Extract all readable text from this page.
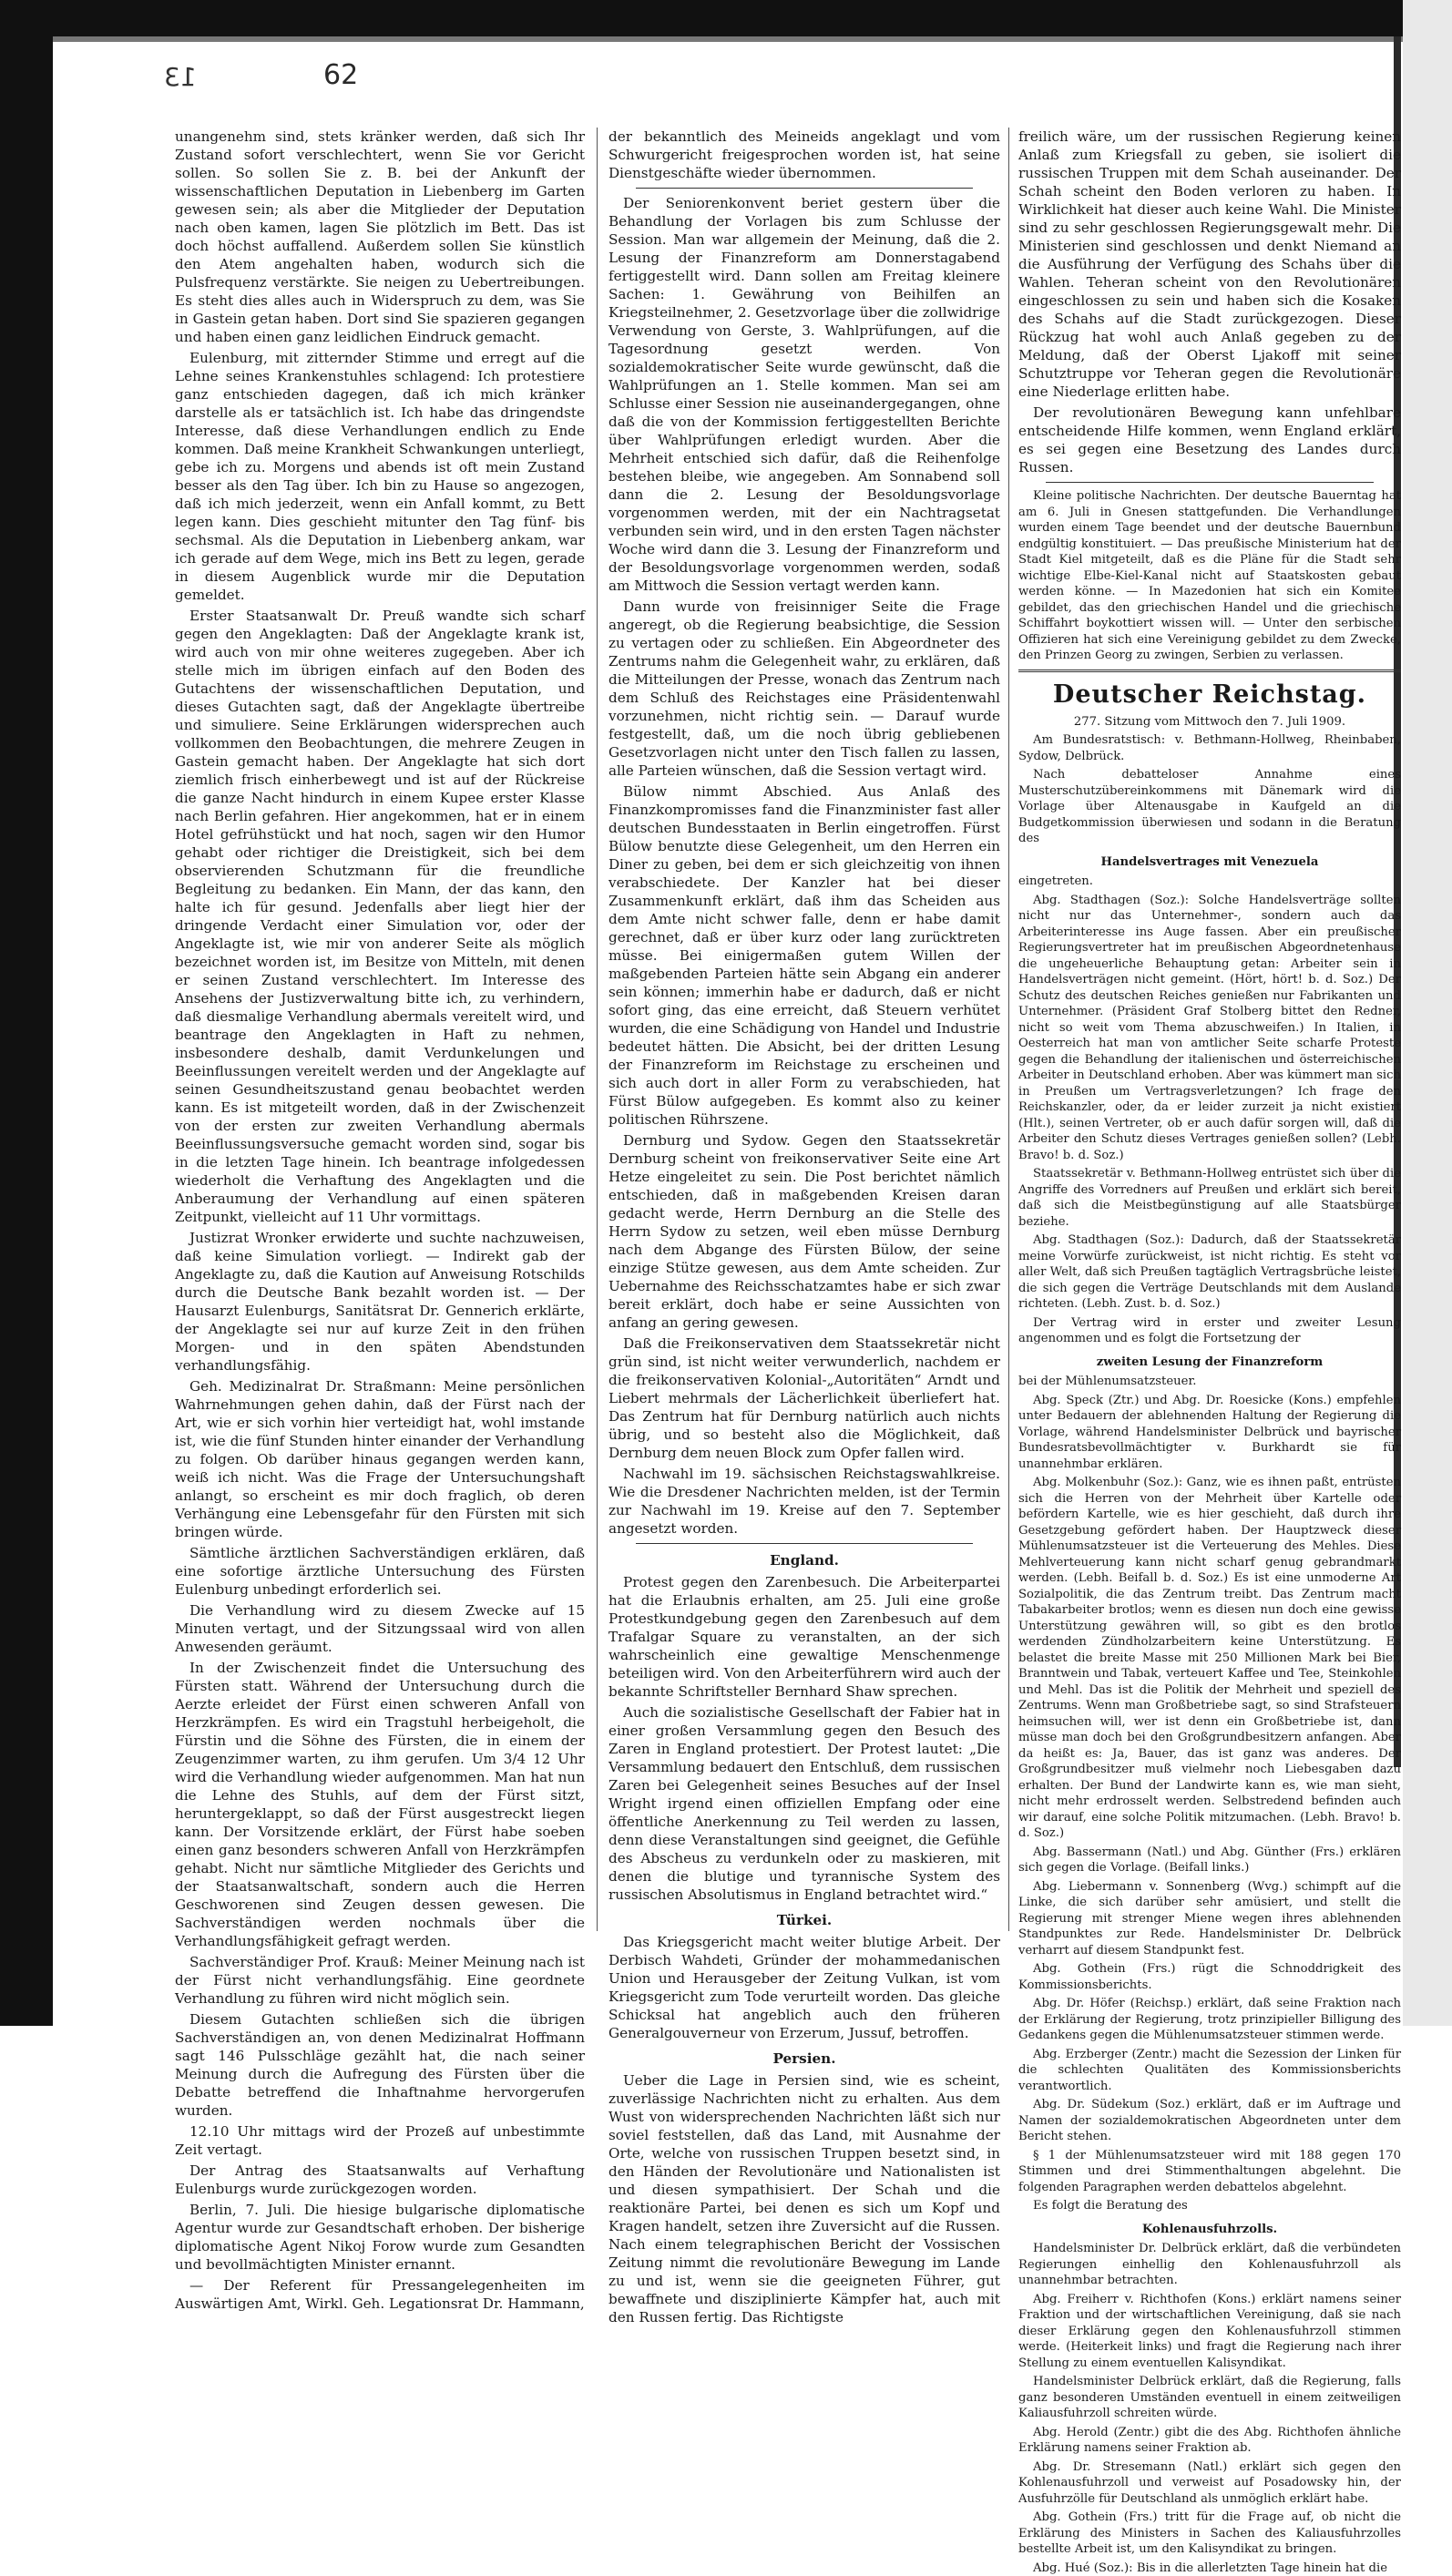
13	62

unangenehm sind, stets kränker werden, daß sich Ihr Zustand sofort verschlechtert, wenn Sie vor Gericht sollen. So sollen Sie z. B. bei der Ankunft der wissenschaftlichen Deputation in Liebenberg im Garten gewesen sein; als aber die Mitglieder der Deputation nach oben kamen, lagen Sie plötzlich im Bett. Das ist doch höchst auffallend. Außerdem sollen Sie künstlich den Atem angehalten haben, wodurch sich die Pulsfrequenz verstärkte. Sie neigen zu Uebertreibungen. Es steht dies alles auch in Widerspruch zu dem, was Sie in Gastein getan haben. Dort sind Sie spazieren gegangen und haben einen ganz leidlichen Eindruck gemacht.

Eulenburg, mit zitternder Stimme und erregt auf die Lehne seines Krankenstuhles schlagend: Ich protestiere ganz entschieden dagegen, daß ich mich kränker darstelle als er tatsächlich ist. Ich habe das dringendste Interesse, daß diese Verhandlungen endlich zu Ende kommen. Daß meine Krankheit Schwankungen unterliegt, gebe ich zu. Morgens und abends ist oft mein Zustand besser als den Tag über. Ich bin zu Hause so angezogen, daß ich mich jederzeit, wenn ein Anfall kommt, zu Bett legen kann. Dies geschieht mitunter den Tag fünf- bis sechsmal. Als die Deputation in Liebenberg ankam, war ich gerade auf dem Wege, mich ins Bett zu legen, gerade in diesem Augenblick wurde mir die Deputation gemeldet.

Erster Staatsanwalt Dr. Preuß wandte sich scharf gegen den Angeklagten: Daß der Angeklagte krank ist, wird auch von mir ohne weiteres zugegeben. Aber ich stelle mich im übrigen einfach auf den Boden des Gutachtens der wissenschaftlichen Deputation, und dieses Gutachten sagt, daß der Angeklagte übertreibe und simuliere. Seine Erklärungen widersprechen auch vollkommen den Beobachtungen, die mehrere Zeugen in Gastein gemacht haben. Der Angeklagte hat sich dort ziemlich frisch einherbewegt und ist auf der Rückreise die ganze Nacht hindurch in einem Kupee erster Klasse nach Berlin gefahren. Hier angekommen, hat er in einem Hotel gefrühstückt und hat noch, sagen wir den Humor gehabt oder richtiger die Dreistigkeit, sich bei dem observierenden Schutzmann für die freundliche Begleitung zu bedanken. Ein Mann, der das kann, den halte ich für gesund. Jedenfalls aber liegt hier der dringende Verdacht einer Simulation vor, oder der Angeklagte ist, wie mir von anderer Seite als möglich bezeichnet worden ist, im Besitze von Mitteln, mit denen er seinen Zustand verschlechtert. Im Interesse des Ansehens der Justizverwaltung bitte ich, zu verhindern, daß diesmalige Verhandlung abermals vereitelt wird, und beantrage den Angeklagten in Haft zu nehmen, insbesondere deshalb, damit Verdunkelungen und Beeinflussungen vereitelt werden und der Angeklagte auf seinen Gesundheitszustand genau beobachtet werden kann. Es ist mitgeteilt worden, daß in der Zwischenzeit von der ersten zur zweiten Verhandlung abermals Beeinflussungsversuche gemacht worden sind, sogar bis in die letzten Tage hinein. Ich beantrage infolgedessen wiederholt die Verhaftung des Angeklagten und die Anberaumung der Verhandlung auf einen späteren Zeitpunkt, vielleicht auf 11 Uhr vormittags.

Justizrat Wronker erwiderte und suchte nachzuweisen, daß keine Simulation vorliegt. — Indirekt gab der Angeklagte zu, daß die Kaution auf Anweisung Rotschilds durch die Deutsche Bank bezahlt worden ist. — Der Hausarzt Eulenburgs, Sanitätsrat Dr. Gennerich erklärte, der Angeklagte sei nur auf kurze Zeit in den frühen Morgen- und in den späten Abendstunden verhandlungsfähig.

Geh. Medizinalrat Dr. Straßmann: Meine persönlichen Wahrnehmungen gehen dahin, daß der Fürst nach der Art, wie er sich vorhin hier verteidigt hat, wohl imstande ist, wie die fünf Stunden hinter einander der Verhandlung zu folgen. Ob darüber hinaus gegangen werden kann, weiß ich nicht. Was die Frage der Untersuchungshaft anlangt, so erscheint es mir doch fraglich, ob deren Verhängung eine Lebensgefahr für den Fürsten mit sich bringen würde.

Sämtliche ärztlichen Sachverständigen erklären, daß eine sofortige ärztliche Untersuchung des Fürsten Eulenburg unbedingt erforderlich sei.

Die Verhandlung wird zu diesem Zwecke auf 15 Minuten vertagt, und der Sitzungssaal wird von allen Anwesenden geräumt.

In der Zwischenzeit findet die Untersuchung des Fürsten statt. Während der Untersuchung durch die Aerzte erleidet der Fürst einen schweren Anfall von Herzkrämpfen. Es wird ein Tragstuhl herbeigeholt, die Fürstin und die Söhne des Fürsten, die in einem der Zeugenzimmer warten, zu ihm gerufen. Um 3/4 12 Uhr wird die Verhandlung wieder aufgenommen. Man hat nun die Lehne des Stuhls, auf dem der Fürst sitzt, heruntergeklappt, so daß der Fürst ausgestreckt liegen kann. Der Vorsitzende erklärt, der Fürst habe soeben einen ganz besonders schweren Anfall von Herzkrämpfen gehabt. Nicht nur sämtliche Mitglieder des Gerichts und der Staatsanwaltschaft, sondern auch die Herren Geschworenen sind Zeugen dessen gewesen. Die Sachverständigen werden nochmals über die Verhandlungsfähigkeit gefragt werden.

Sachverständiger Prof. Krauß: Meiner Meinung nach ist der Fürst nicht verhandlungsfähig. Eine geordnete Verhandlung zu führen wird nicht möglich sein.

Diesem Gutachten schließen sich die übrigen Sachverständigen an, von denen Medizinalrat Hoffmann sagt 146 Pulsschläge gezählt hat, die nach seiner Meinung durch die Aufregung des Fürsten über die Debatte betreffend die Inhaftnahme hervorgerufen wurden.

12.10 Uhr mittags wird der Prozeß auf unbestimmte Zeit vertagt.

Der Antrag des Staatsanwalts auf Verhaftung Eulenburgs wurde zurückgezogen worden.

Berlin, 7. Juli. Die hiesige bulgarische diplomatische Agentur wurde zur Gesandtschaft erhoben. Der bisherige diplomatische Agent Nikoj Forow wurde zum Gesandten und bevollmächtigten Minister ernannt.

— Der Referent für Pressangelegenheiten im Auswärtigen Amt, Wirkl. Geh. Legationsrat Dr. Hammann,

der bekanntlich des Meineids angeklagt und vom Schwurgericht freigesprochen worden ist, hat seine Dienstgeschäfte wieder übernommen.

Der Seniorenkonvent beriet gestern über die Behandlung der Vorlagen bis zum Schlusse der Session. Man war allgemein der Meinung, daß die 2. Lesung der Finanzreform am Donnerstagabend fertiggestellt wird. Dann sollen am Freitag kleinere Sachen: 1. Gewährung von Beihilfen an Kriegsteilnehmer, 2. Gesetzvorlage über die zollwidrige Verwendung von Gerste, 3. Wahlprüfungen, auf die Tagesordnung gesetzt werden. Von sozialdemokratischer Seite wurde gewünscht, daß die Wahlprüfungen an 1. Stelle kommen. Man sei am Schlusse einer Session nie auseinandergegangen, ohne daß die von der Kommission fertiggestellten Berichte über Wahlprüfungen erledigt wurden. Aber die Mehrheit entschied sich dafür, daß die Reihenfolge bestehen bleibe, wie angegeben. Am Sonnabend soll dann die 2. Lesung der Besoldungsvorlage vorgenommen werden, mit der ein Nachtragsetat verbunden sein wird, und in den ersten Tagen nächster Woche wird dann die 3. Lesung der Finanzreform und der Besoldungsvorlage vorgenommen werden, sodaß am Mittwoch die Session vertagt werden kann.

Dann wurde von freisinniger Seite die Frage angeregt, ob die Regierung beabsichtige, die Session zu vertagen oder zu schließen. Ein Abgeordneter des Zentrums nahm die Gelegenheit wahr, zu erklären, daß die Mitteilungen der Presse, wonach das Zentrum nach dem Schluß des Reichstages eine Präsidentenwahl vorzunehmen, nicht richtig sein. — Darauf wurde festgestellt, daß, um die noch übrig gebliebenen Gesetzvorlagen nicht unter den Tisch fallen zu lassen, alle Parteien wünschen, daß die Session vertagt wird.

Bülow nimmt Abschied. Aus Anlaß des Finanzkompromisses fand die Finanzminister fast aller deutschen Bundesstaaten in Berlin eingetroffen. Fürst Bülow benutzte diese Gelegenheit, um den Herren ein Diner zu geben, bei dem er sich gleichzeitig von ihnen verabschiedete. Der Kanzler hat bei dieser Zusammenkunft erklärt, daß ihm das Scheiden aus dem Amte nicht schwer falle, denn er habe damit gerechnet, daß er über kurz oder lang zurücktreten müsse. Bei einigermaßen gutem Willen der maßgebenden Parteien hätte sein Abgang ein anderer sein können; immerhin habe er dadurch, daß er nicht sofort ging, das eine erreicht, daß Steuern verhütet wurden, die eine Schädigung von Handel und Industrie bedeutet hätten. Die Absicht, bei der dritten Lesung der Finanzreform im Reichstage zu erscheinen und sich auch dort in aller Form zu verabschieden, hat Fürst Bülow aufgegeben. Es kommt also zu keiner politischen Rührszene.

Dernburg und Sydow. Gegen den Staatssekretär Dernburg scheint von freikonservativer Seite eine Art Hetze eingeleitet zu sein. Die Post berichtet nämlich entschieden, daß in maßgebenden Kreisen daran gedacht werde, Herrn Dernburg an die Stelle des Herrn Sydow zu setzen, weil eben müsse Dernburg nach dem Abgange des Fürsten Bülow, der seine einzige Stütze gewesen, aus dem Amte scheiden. Zur Uebernahme des Reichsschatzamtes habe er sich zwar bereit erklärt, doch habe er seine Aussichten von anfang an gering gewesen.

Daß die Freikonservativen dem Staatssekretär nicht grün sind, ist nicht weiter verwunderlich, nachdem er die freikonservativen Kolonial-„Autoritäten“ Arndt und Liebert mehrmals der Lächerlichkeit überliefert hat. Das Zentrum hat für Dernburg natürlich auch nichts übrig, und so besteht also die Möglichkeit, daß Dernburg dem neuen Block zum Opfer fallen wird.

Nachwahl im 19. sächsischen Reichstagswahlkreise. Wie die Dresdener Nachrichten melden, ist der Termin zur Nachwahl im 19. Kreise auf den 7. September angesetzt worden.

England.

Protest gegen den Zarenbesuch. Die Arbeiterpartei hat die Erlaubnis erhalten, am 25. Juli eine große Protestkundgebung gegen den Zarenbesuch auf dem Trafalgar Square zu veranstalten, an der sich wahrscheinlich eine gewaltige Menschenmenge beteiligen wird. Von den Arbeiterführern wird auch der bekannte Schriftsteller Bernhard Shaw sprechen.

Auch die sozialistische Gesellschaft der Fabier hat in einer großen Versammlung gegen den Besuch des Zaren in England protestiert. Der Protest lautet: „Die Versammlung bedauert den Entschluß, dem russischen Zaren bei Gelegenheit seines Besuches auf der Insel Wright irgend einen offiziellen Empfang oder eine öffentliche Anerkennung zu Teil werden zu lassen, denn diese Veranstaltungen sind geeignet, die Gefühle des Abscheus zu verdunkeln oder zu maskieren, mit denen die blutige und tyrannische System des russischen Absolutismus in England betrachtet wird.“

Türkei.

Das Kriegsgericht macht weiter blutige Arbeit. Der Derbisch Wahdeti, Gründer der mohammedanischen Union und Herausgeber der Zeitung Vulkan, ist vom Kriegsgericht zum Tode verurteilt worden. Das gleiche Schicksal hat angeblich auch den früheren Generalgouverneur von Erzerum, Jussuf, betroffen.

Persien.

Ueber die Lage in Persien sind, wie es scheint, zuverlässige Nachrichten nicht zu erhalten. Aus dem Wust von widersprechenden Nachrichten läßt sich nur soviel feststellen, daß das Land, mit Ausnahme der Orte, welche von russischen Truppen besetzt sind, in den Händen der Revolutionäre und Nationalisten ist und diesen sympathisiert. Der Schah und die reaktionäre Partei, bei denen es sich um Kopf und Kragen handelt, setzen ihre Zuversicht auf die Russen. Nach einem telegraphischen Bericht der Vossischen Zeitung nimmt die revolutionäre Bewegung im Lande zu und ist, wenn sie die geeigneten Führer, gut bewaffnete und disziplinierte Kämpfer hat, auch mit den Russen fertig. Das Richtigste

freilich wäre, um der russischen Regierung keinen Anlaß zum Kriegsfall zu geben, sie isoliert die russischen Truppen mit dem Schah auseinander. Der Schah scheint den Boden verloren zu haben. In Wirklichkeit hat dieser auch keine Wahl. Die Minister sind zu sehr geschlossen Regierungsgewalt mehr. Die Ministerien sind geschlossen und denkt Niemand an die Ausführung der Verfügung des Schahs über die Wahlen. Teheran scheint von den Revolutionären eingeschlossen zu sein und haben sich die Kosaken des Schahs auf die Stadt zurückgezogen. Dieser Rückzug hat wohl auch Anlaß gegeben zu der Meldung, daß der Oberst Ljakoff mit seiner Schutztruppe vor Teheran gegen die Revolutionäre eine Niederlage erlitten habe.

Der revolutionären Bewegung kann unfehlbare entscheidende Hilfe kommen, wenn England erklärt, es sei gegen eine Besetzung des Landes durch Russen.

Kleine politische Nachrichten. Der deutsche Bauerntag hat am 6. Juli in Gnesen stattgefunden. Die Verhandlungen wurden einem Tage beendet und der deutsche Bauernbund endgültig konstituiert. — Das preußische Ministerium hat der Stadt Kiel mitgeteilt, daß es die Pläne für die Stadt sehr wichtige Elbe-Kiel-Kanal nicht auf Staatskosten gebaut werden könne. — In Mazedonien hat sich ein Komitee gebildet, das den griechischen Handel und die griechische Schiffahrt boykottiert wissen will. — Unter den serbischen Offizieren hat sich eine Vereinigung gebildet zu dem Zwecke, den Prinzen Georg zu zwingen, Serbien zu verlassen.

Deutscher Reichstag.

277. Sitzung vom Mittwoch den 7. Juli 1909.

Am Bundesratstisch: v. Bethmann-Hollweg, Rheinbaben, Sydow, Delbrück.

Nach debatteloser Annahme eines Musterschutzübereinkommens mit Dänemark wird die Vorlage über Altenausgabe in Kaufgeld an die Budgetkommission überwiesen und sodann in die Beratung des

Handelsvertrages mit Venezuela

eingetreten.

Abg. Stadthagen (Soz.): Solche Handelsverträge sollten nicht nur das Unternehmer-, sondern auch das Arbeiterinteresse ins Auge fassen. Aber ein preußischer Regierungsvertreter hat im preußischen Abgeordnetenhause die ungeheuerliche Behauptung getan: Arbeiter sein in Handelsverträgen nicht gemeint. (Hört, hört! b. d. Soz.) Der Schutz des deutschen Reiches genießen nur Fabrikanten und Unternehmer. (Präsident Graf Stolberg bittet den Redner, nicht so weit vom Thema abzuschweifen.) In Italien, in Oesterreich hat man von amtlicher Seite scharfe Proteste gegen die Behandlung der italienischen und österreichischen Arbeiter in Deutschland erhoben. Aber was kümmert man sich in Preußen um Vertragsverletzungen? Ich frage den Reichskanzler, oder, da er leider zurzeit ja nicht existiert (Hlt.), seinen Vertreter, ob er auch dafür sorgen will, daß die Arbeiter den Schutz dieses Vertrages genießen sollen? (Lebh. Bravo! b. d. Soz.)

Staatssekretär v. Bethmann-Hollweg entrüstet sich über die Angriffe des Vorredners auf Preußen und erklärt sich bereit, daß sich die Meistbegünstigung auf alle Staatsbürger beziehe.

Abg. Stadthagen (Soz.): Dadurch, daß der Staatssekretär meine Vorwürfe zurückweist, ist nicht richtig. Es steht vor aller Welt, daß sich Preußen tagtäglich Vertragsbrüche leistet, die sich gegen die Verträge Deutschlands mit dem Auslande richteten. (Lebh. Zust. b. d. Soz.)

Der Vertrag wird in erster und zweiter Lesung angenommen und es folgt die Fortsetzung der

zweiten Lesung der Finanzreform

bei der Mühlenumsatzsteuer.

Abg. Speck (Ztr.) und Abg. Dr. Roesicke (Kons.) empfehlen unter Bedauern der ablehnenden Haltung der Regierung die Vorlage, während Handelsminister Delbrück und bayrischer Bundesratsbevollmächtigter v. Burkhardt sie für unannehmbar erklären.

Abg. Molkenbuhr (Soz.): Ganz, wie es ihnen paßt, entrüsten sich die Herren von der Mehrheit über Kartelle oder befördern Kartelle, wie es hier geschieht, daß durch ihre Gesetzgebung gefördert haben. Der Hauptzweck dieser Mühlenumsatzsteuer ist die Verteuerung des Mehles. Diese Mehlverteuerung kann nicht scharf genug gebrandmarkt werden. (Lebh. Beifall b. d. Soz.) Es ist eine unmoderne Art Sozialpolitik, die das Zentrum treibt. Das Zentrum macht Tabakarbeiter brotlos; wenn es diesen nun doch eine gewisse Unterstützung gewähren will, so gibt es den brotlos werdenden Zündholzarbeitern keine Unterstützung. Es belastet die breite Masse mit 250 Millionen Mark bei Bier, Branntwein und Tabak, verteuert Kaffee und Tee, Steinkohlen und Mehl. Das ist die Politik der Mehrheit und speziell des Zentrums. Wenn man Großbetriebe sagt, so sind Strafsteuern heimsuchen will, wer ist denn ein Großbetriebe ist, dann müsse man doch bei den Großgrundbesitzern anfangen. Aber da heißt es: Ja, Bauer, das ist ganz was anderes. Der Großgrundbesitzer muß vielmehr noch Liebesgaben dazu erhalten. Der Bund der Landwirte kann es, wie man sieht, nicht mehr erdrosselt werden. Selbstredend befinden auch wir darauf, eine solche Politik mitzumachen. (Lebh. Bravo! b. d. Soz.)

Abg. Bassermann (Natl.) und Abg. Günther (Frs.) erklären sich gegen die Vorlage. (Beifall links.)

Abg. Liebermann v. Sonnenberg (Wvg.) schimpft auf die Linke, die sich darüber sehr amüsiert, und stellt die Regierung mit strenger Miene wegen ihres ablehnenden Standpunktes zur Rede. Handelsminister Dr. Delbrück verharrt auf diesem Standpunkt fest.

Abg. Gothein (Frs.) rügt die Schnoddrigkeit des Kommissionsberichts.

Abg. Dr. Höfer (Reichsp.) erklärt, daß seine Fraktion nach der Erklärung der Regierung, trotz prinzipieller Billigung des Gedankens gegen die Mühlenumsatzsteuer stimmen werde.

Abg. Erzberger (Zentr.) macht die Sezession der Linken für die schlechten Qualitäten des Kommissionsberichts verantwortlich.

Abg. Dr. Südekum (Soz.) erklärt, daß er im Auftrage und Namen der sozialdemokratischen Abgeordneten unter dem Bericht stehen.

§ 1 der Mühlenumsatzsteuer wird mit 188 gegen 170 Stimmen und drei Stimmenthaltungen abgelehnt. Die folgenden Paragraphen werden debattelos abgelehnt.

Es folgt die Beratung des

Kohlenausfuhrzolls.

Handelsminister Dr. Delbrück erklärt, daß die verbündeten Regierungen einhellig den Kohlenausfuhrzoll als unannehmbar betrachten.

Abg. Freiherr v. Richthofen (Kons.) erklärt namens seiner Fraktion und der wirtschaftlichen Vereinigung, daß sie nach dieser Erklärung gegen den Kohlenausfuhrzoll stimmen werde. (Heiterkeit links) und fragt die Regierung nach ihrer Stellung zu einem eventuellen Kalisyndikat.

Handelsminister Delbrück erklärt, daß die Regierung, falls ganz besonderen Umständen eventuell in einem zeitweiligen Kaliausfuhrzoll schreiten würde.

Abg. Herold (Zentr.) gibt die des Abg. Richthofen ähnliche Erklärung namens seiner Fraktion ab.

Abg. Dr. Stresemann (Natl.) erklärt sich gegen den Kohlenausfuhrzoll und verweist auf Posadowsky hin, der Ausfuhrzölle für Deutschland als unmöglich erklärt habe.

Abg. Gothein (Frs.) tritt für die Frage auf, ob nicht die Erklärung des Ministers in Sachen des Kaliausfuhrzolles bestellte Arbeit ist, um den Kalisyndikat zu bringen.

Abg. Hué (Soz.): Bis in die allerletzten Tage hinein hat die
